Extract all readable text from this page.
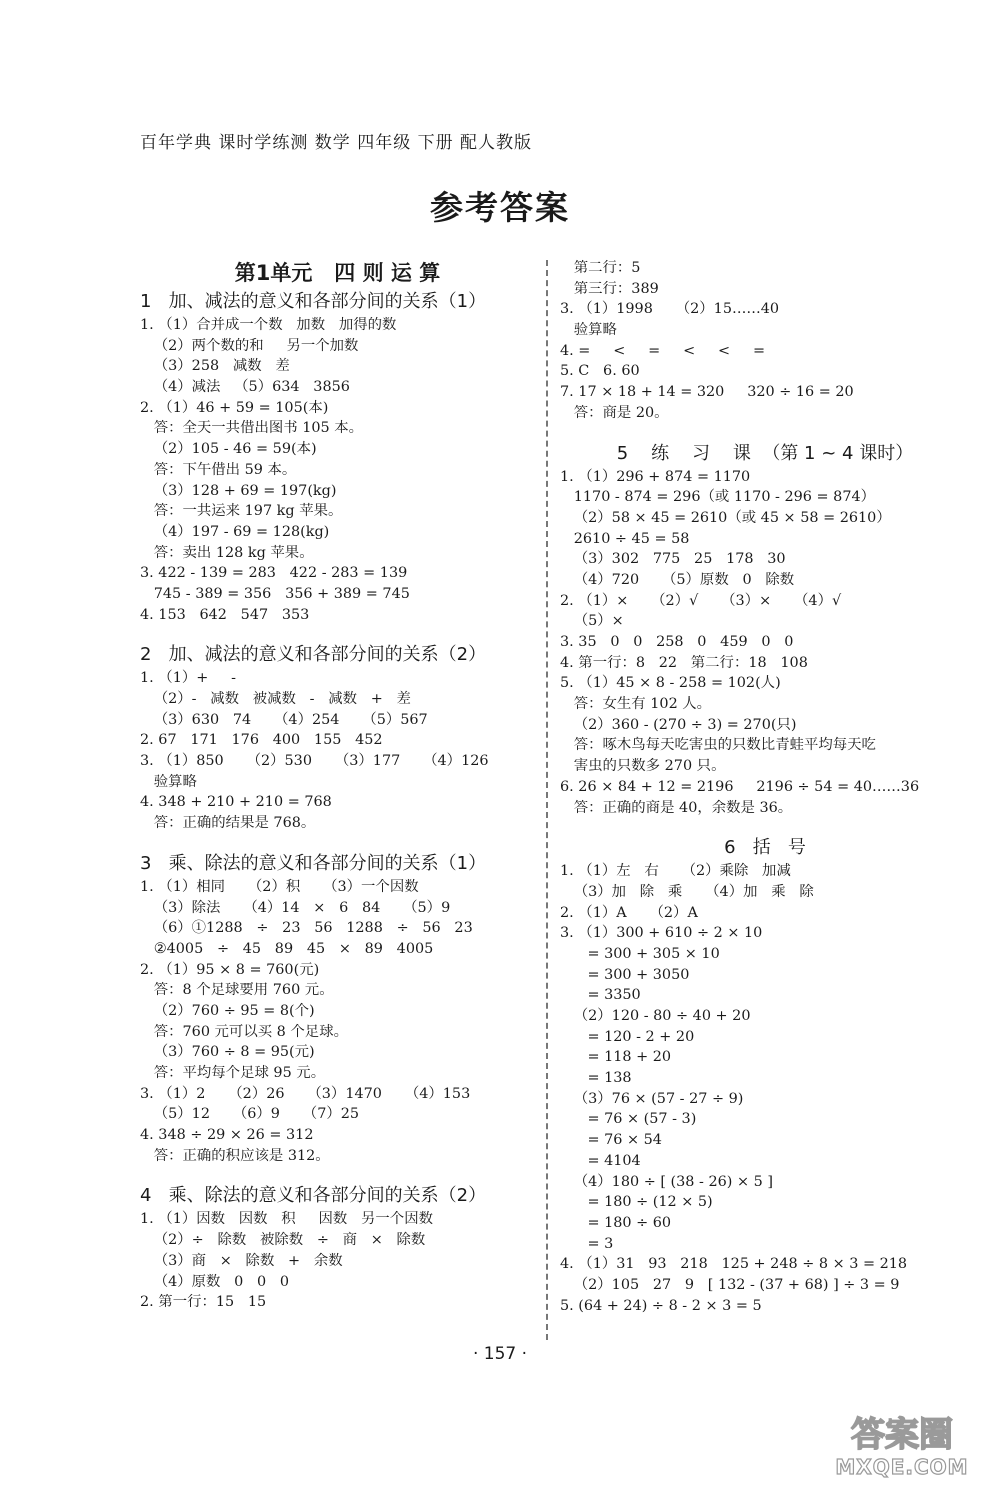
百年学典 课时学练测 数学 四年级 下册 配人教版
参考答案
第1单元   四 则 运 算
1   加、减法的意义和各部分间的关系（1）
1. （1）合并成一个数   加数   加得的数
（2）两个数的和     另一个加数
（3）258   减数   差
（4）减法   （5）634   3856
2. （1）46 + 59 = 105(本)
答：全天一共借出图书 105 本。
（2）105 - 46 = 59(本)
答：下午借出 59 本。
（3）128 + 69 = 197(kg)
答：一共运来 197 kg 苹果。
（4）197 - 69 = 128(kg)
答：卖出 128 kg 苹果。
3. 422 - 139 = 283   422 - 283 = 139
745 - 389 = 356   356 + 389 = 745
4. 153   642   547   353
2   加、减法的意义和各部分间的关系（2）
1. （1）+     -
（2）-   减数   被减数   -   减数   +   差
（3）630   74     （4）254     （5）567
2. 67   171   176   400   155   452
3. （1）850     （2）530     （3）177     （4）126
验算略
4. 348 + 210 + 210 = 768
答：正确的结果是 768。
3   乘、除法的意义和各部分间的关系（1）
1. （1）相同     （2）积     （3）一个因数
（3）除法     （4）14   ×   6   84     （5）9
（6）①1288   ÷   23   56   1288   ÷   56   23
②4005   ÷   45   89   45   ×   89   4005
2. （1）95 × 8 = 760(元)
答：8 个足球要用 760 元。
（2）760 ÷ 95 = 8(个)
答：760 元可以买 8 个足球。
（3）760 ÷ 8 = 95(元)
答：平均每个足球 95 元。
3. （1）2     （2）26     （3）1470     （4）153
（5）12     （6）9     （7）25
4. 348 ÷ 29 × 26 = 312
答：正确的积应该是 312。
4   乘、除法的意义和各部分间的关系（2）
1. （1）因数   因数   积     因数   另一个因数
（2）÷   除数   被除数   ÷   商   ×   除数
（3）商   ×   除数   +   余数
（4）原数   0   0   0
2. 第一行：15   15
第二行：5
第三行：389
3. （1）1998     （2）15……40
验算略
4. =     <     =     <     <     =
5. C   6. 60
7. 17 × 18 + 14 = 320     320 ÷ 16 = 20
答：商是 20。
5    练    习    课  （第 1 ~ 4 课时）
1. （1）296 + 874 = 1170
1170 - 874 = 296（或 1170 - 296 = 874）
（2）58 × 45 = 2610（或 45 × 58 = 2610）
2610 ÷ 45 = 58
（3）302   775   25   178   30
（4）720     （5）原数   0   除数
2. （1）×     （2）√     （3）×     （4）√
（5）×
3. 35   0   0   258   0   459   0   0
4. 第一行：8   22   第二行：18   108
5. （1）45 × 8 - 258 = 102(人)
答：女生有 102 人。
（2）360 - (270 ÷ 3) = 270(只)
答：啄木鸟每天吃害虫的只数比青蛙平均每天吃
害虫的只数多 270 只。
6. 26 × 84 + 12 = 2196     2196 ÷ 54 = 40……36
答：正确的商是 40，余数是 36。
6   括   号
1. （1）左   右     （2）乘除   加减
（3）加   除   乘     （4）加   乘   除
2. （1）A     （2）A
3. （1）300 + 610 ÷ 2 × 10
= 300 + 305 × 10
= 300 + 3050
= 3350
（2）120 - 80 ÷ 40 + 20
= 120 - 2 + 20
= 118 + 20
= 138
（3）76 × (57 - 27 ÷ 9)
= 76 × (57 - 3)
= 76 × 54
= 4104
（4）180 ÷ [ (38 - 26) × 5 ]
= 180 ÷ (12 × 5)
= 180 ÷ 60
= 3
4. （1）31   93   218   125 + 248 ÷ 8 × 3 = 218
（2）105   27   9   [ 132 - (37 + 68) ] ÷ 3 = 9
5. (64 + 24) ÷ 8 - 2 × 3 = 5
· 157 ·
答案圈
MXQE.COM
